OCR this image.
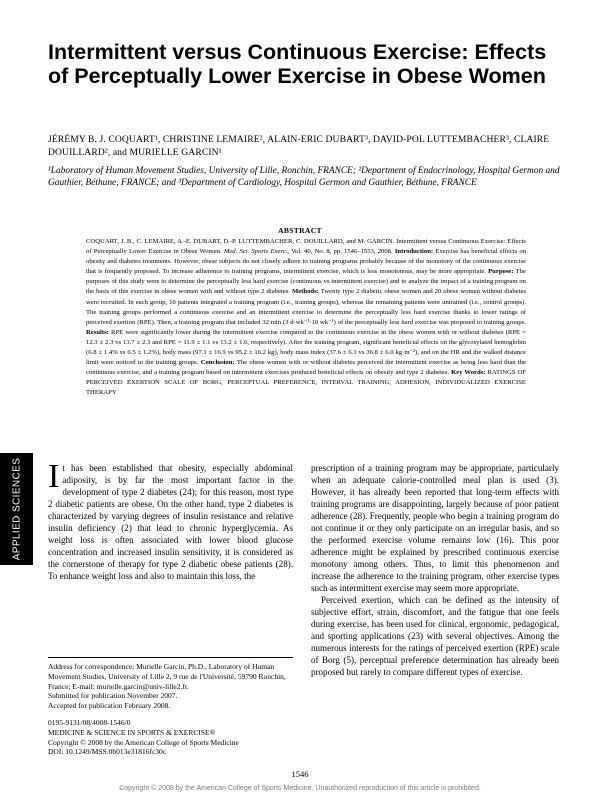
Intermittent versus Continuous Exercise: Effects of Perceptually Lower Exercise in Obese Women
JÉRÉMY B. J. COQUART¹, CHRISTINE LEMAIRE², ALAIN-ERIC DUBART³, DAVID-POL LUTTEMBACHER³, CLAIRE DOUILLARD², and MURIELLE GARCIN¹
¹Laboratory of Human Movement Studies, University of Lille, Ronchin, FRANCE; ²Department of Endocrinology, Hospital Germon and Gauthier, Béthune, FRANCE; and ³Department of Cardiology, Hospital Germon and Gauthier, Béthune, FRANCE
ABSTRACT
COQUART, J. B., C. LEMAIRE, A.-E. DUBART, D.-P. LUTTEMBACHER, C. DOUILLARD, and M. GARCIN. Intermittent versus Continuous Exercise: Effects of Perceptually Lower Exercise in Obese Women. Med. Sci. Sports Exerc., Vol. 40, No. 8, pp. 1546–1553, 2008. Introduction: Exercise has beneficial effects on obesity and diabetes treatments. However, obese subjects do not closely adhere to training programs probably because of the monotony of the continuous exercise that is frequently proposed. To increase adherence to training programs, intermittent exercise, which is less monotonous, may be more appropriate. Purpose: The purposes of this study were to determine the perceptually less hard exercise (continuous vs intermittent exercise) and to analyze the impact of a training program on the basis of this exercise in obese women with and without type 2 diabetes. Methods: Twenty type 2 diabetic obese women and 20 obese women without diabetes were recruited. In each group, 10 patients integrated a training program (i.e., training groups), whereas the remaining patients were untrained (i.e., control groups). The training groups performed a continuous exercise and an intermittent exercise to determine the perceptually less hard exercise thanks to lower ratings of perceived exertion (RPE). Then, a training program that included 32 min (3 d·wk⁻¹·10 wk⁻¹) of the perceptually less hard exercise was proposed to training groups. Results: RPE were significantly lower during the intermittent exercise compared to the continuous exercise in the obese women with or without diabetes (RPE = 12.3 ± 2.3 vs 13.7 ± 2.3 and RPE = 11.9 ± 1.1 vs 13.2 ± 1.6, respectively). After the training program, significant beneficial effects on the glycosylated hemoglobin (6.8 ± 1.4% vs 6.5 ± 1.2%), body mass (97.1 ± 16.9 vs 95.2 ± 16.2 kg), body mass index (37.6 ± 6.1 vs 36.8 ± 6.0 kg·m⁻²), and on the HR and the walked distance limit were noticed in the training groups. Conclusion: The obese women with or without diabetes perceived the intermittent exercise as being less hard than the continuous exercise, and a training program based on intermittent exercises produced beneficial effects on obesity and type 2 diabetes. Key Words: RATINGS OF PERCEIVED EXERTION SCALE OF BORG, PERCEPTUAL PREFERENCE, INTERVAL TRAINING, ADHESION, INDIVIDUALIZED EXERCISE THERAPY
APPLIED SCIENCES It has been established that obesity, especially abdominal adiposity, is by far the most important factor in the development of type 2 diabetes (24); for this reason, most type 2 diabetic patients are obese. On the other hand, type 2 diabetes is characterized by varying degrees of insulin resistance and relative insulin deficiency (2) that lead to chronic hyperglycemia. As weight loss is often associated with lower blood glucose concentration and increased insulin sensitivity, it is considered as the cornerstone of therapy for type 2 diabetic obese patients (28). To enhance weight loss and also to maintain this loss, the

prescription of a training program may be appropriate, particularly when an adequate calorie-controlled meal plan is used (3). However, it has already been reported that long-term effects with training programs are disappointing, largely because of poor patient adherence (28). Frequently, people who begin a training program do not continue it or they only participate on an irregular basis, and so the performed exercise volume remains low (16). This poor adherence might be explained by prescribed continuous exercise monotony among others. Thus, to limit this phenomenon and increase the adherence to the training program, other exercise types such as intermittent exercise may seem more appropriate.

Perceived exertion, which can be defined as the intensity of subjective effort, strain, discomfort, and the fatigue that one feels during exercise, has been used for clinical, ergonomic, pedagogical, and sporting applications (23) with several objectives. Among the numerous interests for the ratings of perceived exertion (RPE) scale of Borg (5), perceptual preference determination has already been proposed but rarely to compare different types of exercise.

Address for correspondence: Murielle Garcin, Ph.D., Laboratory of Human Movement Studies, University of Lille 2, 9 rue de l'Université, 59790 Ronchin, France; E-mail: murielle.garcin@univ-lille2.fr.
Submitted for publication November 2007.
Accepted for publication February 2008.
0195-9131/08/4008-1546/0
MEDICINE & SCIENCE IN SPORTS & EXERCISE®
Copyright © 2008 by the American College of Sports Medicine
DOI: 10.1249/MSS.0b013e31816fc30c
1546
Copyright © 2008 by the American College of Sports Medicine. Unauthorized reproduction of this article is prohibited.
